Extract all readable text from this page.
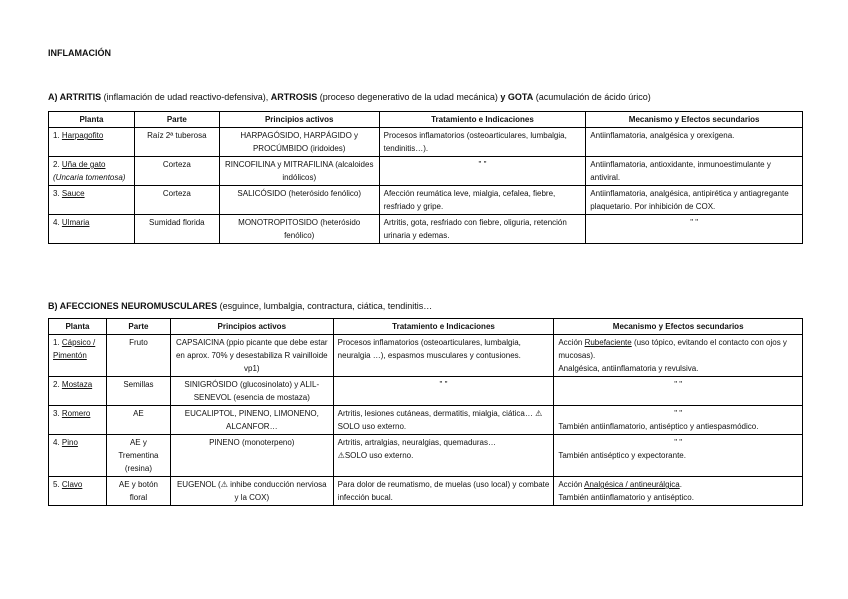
INFLAMACIÓN
A) ARTRITIS (inflamación de udad reactivo-defensiva), ARTROSIS (proceso degenerativo de la udad mecánica) y GOTA (acumulación de ácido úrico)
Planta	Parte	Principios activos	Tratamiento e Indicaciones	Mecanismo y Efectos secundarios
1. Harpagofito	Raíz 2ª tuberosa	HARPAGÓSIDO, HARPÁGIDO y PROCÚMBIDO (iridoides)	Procesos inflamatorios (osteoarticulares, lumbalgia, tendinitis…).	Antiinflamatoria, analgésica y orexígena.
2. Uña de gato
(Uncaria tomentosa)	Corteza	RINCOFILINA y MITRAFILINA (alcaloides indólicos)	" "	Antiinflamatoria, antioxidante, inmunoestimulante y antiviral.
3. Sauce	Corteza	SALICÓSIDO (heterósido fenólico)	Afección reumática leve, mialgia, cefalea, fiebre, resfriado y gripe.	Antiinflamatoria, analgésica, antipirética y antiagregante plaquetario. Por inhibición de COX.
4. Ulmaria	Sumidad florida	MONOTROPITOSIDO (heterósido fenólico)	Artritis, gota, resfriado con fiebre, oliguria, retención urinaria y edemas.	" "
B) AFECCIONES NEUROMUSCULARES (esguince, lumbalgia, contractura, ciática, tendinitis…
Planta	Parte	Principios activos	Tratamiento e Indicaciones	Mecanismo y Efectos secundarios
1. Cápsico / Pimentón	Fruto	CAPSAICINA (ppio picante que debe estar en aprox. 70% y desestabiliza R vainilloide vp1)	Procesos inflamatorios (osteoarticulares, lumbalgia, neuralgia …), espasmos musculares y contusiones.	Acción Rubefaciente (uso tópico, evitando el contacto con ojos y mucosas).
Analgésica, antiinflamatoria y revulsiva.
2. Mostaza	Semillas	SINIGRÓSIDO (glucosinolato) y ALIL-SENEVOL (esencia de mostaza)	" "	" "
3. Romero	AE	EUCALIPTOL, PINENO, LIMONENO, ALCANFOR…	Artritis, lesiones cutáneas, dermatitis, mialgia, ciática… ⚠ SOLO uso externo.	" "
También antiinflamatorio, antiséptico y antiespasmódico.
4. Pino	AE y Trementina (resina)	PINENO (monoterpeno)	Artritis, artralgias, neuralgias, quemaduras…
⚠SOLO uso externo.	" "
También antiséptico y expectorante.
5. Clavo	AE y botón floral	EUGENOL (⚠ inhibe conducción nerviosa y la COX)	Para dolor de reumatismo, de muelas (uso local) y combate infección bucal.	Acción Analgésica / antineurálgica.
También antiinflamatorio y antiséptico.
